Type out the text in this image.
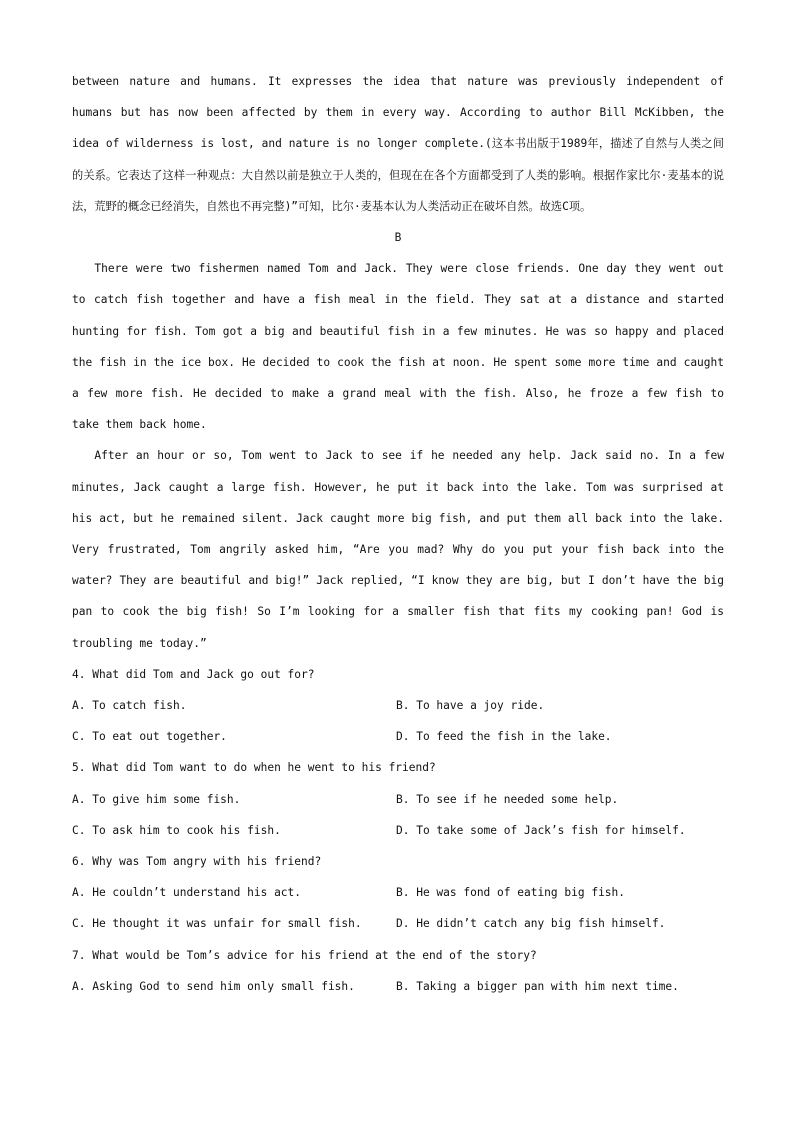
between nature and humans. It expresses the idea that nature was previously independent of humans but has now been affected by them in every way. According to author Bill McKibben, the idea of wilderness is lost, and nature is no longer complete.(这本书出版于1989年，描述了自然与人类之间的关系。它表达了这样一种观点：大自然以前是独立于人类的，但现在在各个方面都受到了人类的影响。根据作家比尔·麦基本的说法，荒野的概念已经消失，自然也不再完整)”可知，比尔·麦基本认为人类活动正在破坏自然。故选C项。

B

There were two fishermen named Tom and Jack. They were close friends. One day they went out to catch fish together and have a fish meal in the field. They sat at a distance and started hunting for fish. Tom got a big and beautiful fish in a few minutes. He was so happy and placed the fish in the ice box. He decided to cook the fish at noon. He spent some more time and caught a few more fish. He decided to make a grand meal with the fish. Also, he froze a few fish to take them back home.

After an hour or so, Tom went to Jack to see if he needed any help. Jack said no. In a few minutes, Jack caught a large fish. However, he put it back into the lake. Tom was surprised at his act, but he remained silent. Jack caught more big fish, and put them all back into the lake. Very frustrated, Tom angrily asked him, “Are you mad? Why do you put your fish back into the water? They are beautiful and big!” Jack replied, “I know they are big, but I don’t have the big pan to cook the big fish! So I’m looking for a smaller fish that fits my cooking pan! God is troubling me today.”

4. What did Tom and Jack go out for?

A. To catch fish.	B. To have a joy ride.
C. To eat out together.	D. To feed the fish in the lake.

5. What did Tom want to do when he went to his friend?

A. To give him some fish.	B. To see if he needed some help.
C. To ask him to cook his fish.	D. To take some of Jack’s fish for himself.

6. Why was Tom angry with his friend?

A. He couldn’t understand his act.	B. He was fond of eating big fish.
C. He thought it was unfair for small fish.	D. He didn’t catch any big fish himself.

7. What would be Tom’s advice for his friend at the end of the story?

A. Asking God to send him only small fish.	B. Taking a bigger pan with him next time.
